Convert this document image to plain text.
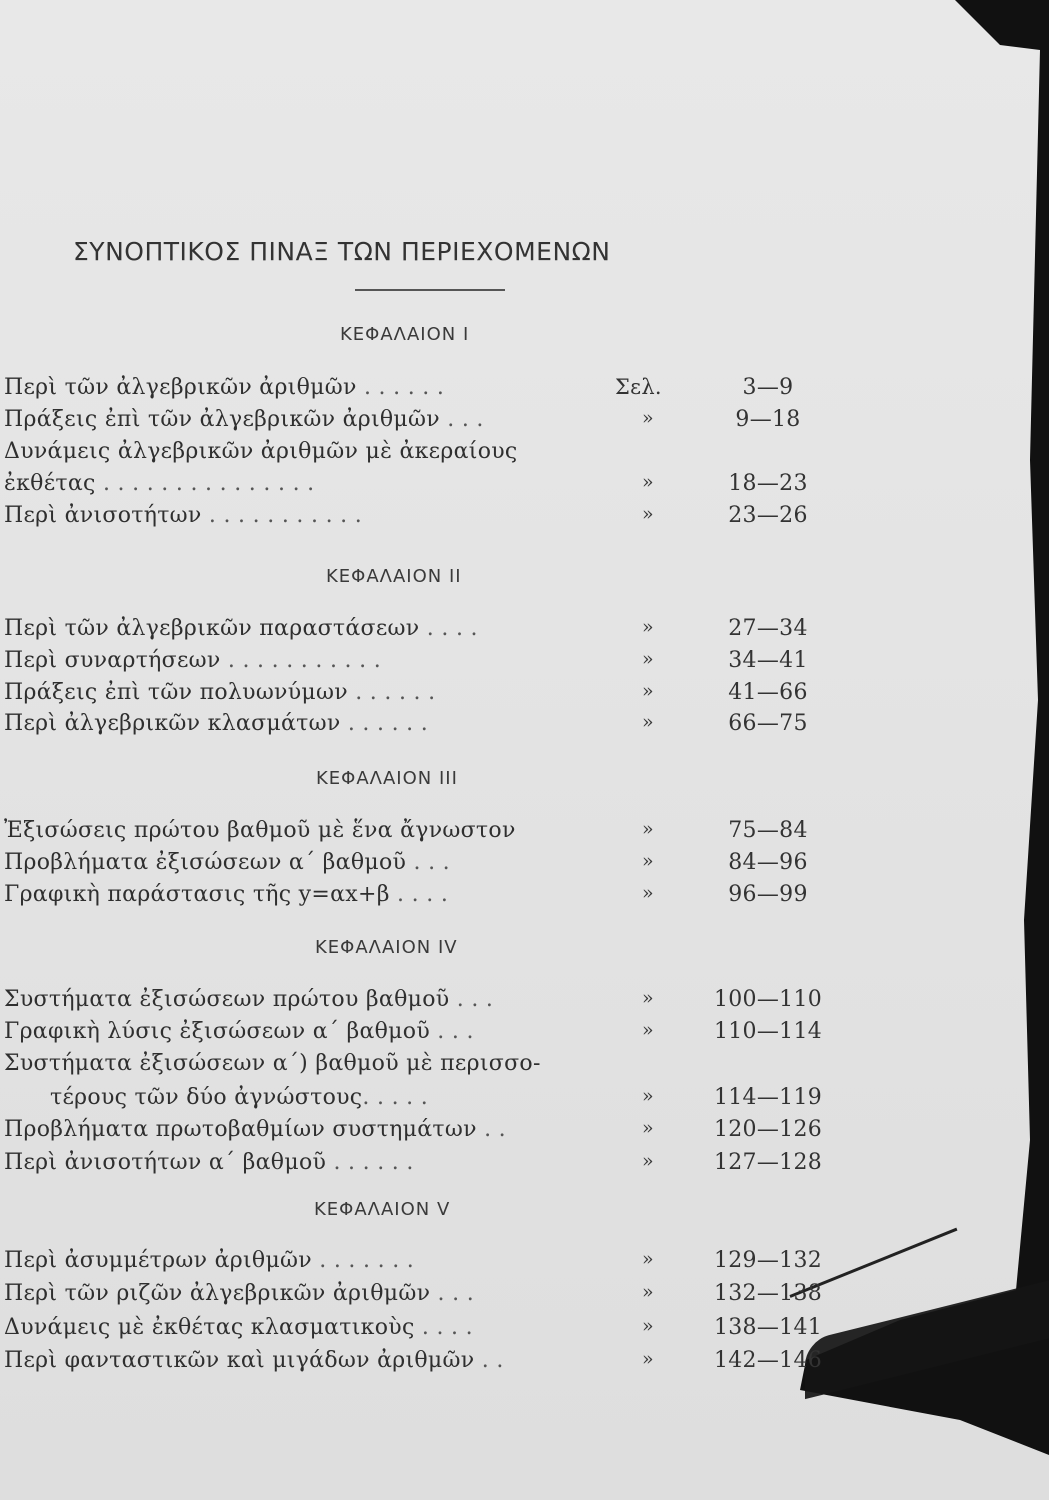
ΣΥΝΟΠΤΙΚΟΣ ΠΙΝΑΞ ΤΩΝ ΠΕΡΙΕΧΟΜΕΝΩΝ
ΚΕΦΑΛΑΙΟΝ I
Περὶ τῶν ἀλγεβρικῶν ἀριθμῶν . . . . . .	Σελ.	3—9
Πράξεις ἐπὶ τῶν ἀλγεβρικῶν ἀριθμῶν . . .	»	9—18
Δυνάμεις ἀλγεβρικῶν ἀριθμῶν μὲ ἀκεραίους
ἐκθέτας . . . . . . . . . . . . . . .	»	18—23
Περὶ ἀνισοτήτων . . . . . . . . . . .	»	23—26
ΚΕΦΑΛΑΙΟΝ II
Περὶ τῶν ἀλγεβρικῶν παραστάσεων . . . .	»	27—34
Περὶ συναρτήσεων . . . . . . . . . . .	»	34—41
Πράξεις ἐπὶ τῶν πολυωνύμων . . . . . .	»	41—66
Περὶ ἀλγεβρικῶν κλασμάτων . . . . . .	»	66—75
ΚΕΦΑΛΑΙΟΝ III
Ἐξισώσεις πρώτου βαθμοῦ μὲ ἕνα ἄγνωστον	»	75—84
Προβλήματα ἐξισώσεων α΄ βαθμοῦ . . .	»	84—96
Γραφικὴ παράστασις τῆς y=αx+β . . . .	»	96—99
ΚΕΦΑΛΑΙΟΝ IV
Συστήματα ἐξισώσεων πρώτου βαθμοῦ . . .	»	100—110
Γραφικὴ λύσις ἐξισώσεων α΄ βαθμοῦ . . .	»	110—114
Συστήματα ἐξισώσεων α΄) βαθμοῦ μὲ περισσο-
τέρους τῶν δύο ἀγνώστους. . . . .	»	114—119
Προβλήματα πρωτοβαθμίων συστημάτων . .	»	120—126
Περὶ ἀνισοτήτων α΄ βαθμοῦ . . . . . .	»	127—128
ΚΕΦΑΛΑΙΟΝ V
Περὶ ἀσυμμέτρων ἀριθμῶν . . . . . . .	»	129—132
Περὶ τῶν ριζῶν ἀλγεβρικῶν ἀριθμῶν . . .	»	132—138
Δυνάμεις μὲ ἐκθέτας κλασματικοὺς . . . .	»	138—141
Περὶ φανταστικῶν καὶ μιγάδων ἀριθμῶν . .	»	142—146
